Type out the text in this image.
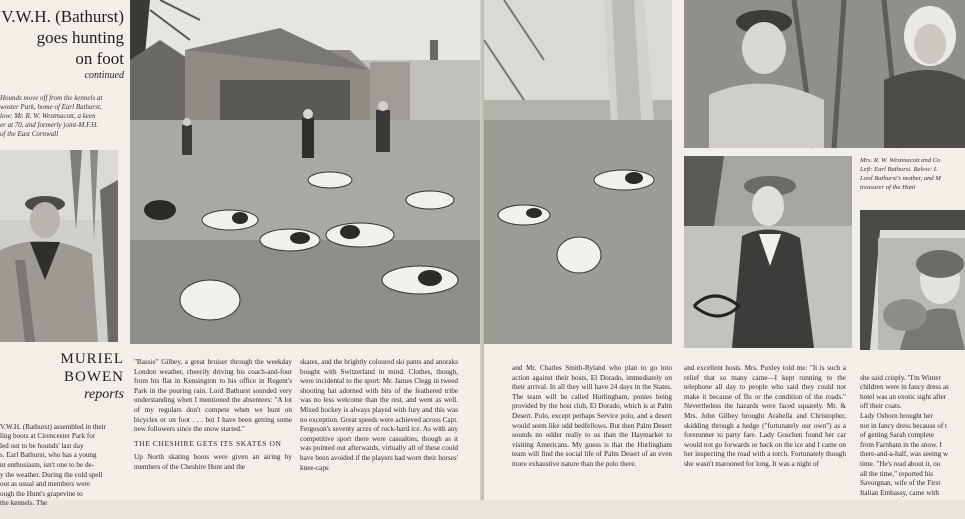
V.W.H. (Bathurst)
goes hunting
on foot
continued
Hounds move off from the kennels at
woster Park, home of Earl Bathurst,
low: Mr. R. W. Westmacott, a keen
er at 70, and formerly joint-M.F.H.
of the East Cornwall
MURIEL
BOWEN
reports

V.W.H. (Bathurst) assembled in their
ling boots at Cirencester Park for
led out to be hounds' last day
s. Earl Bathurst, who has a young
nt enthusiasm, isn't one to be de-
y the weather. During the cold spell
out as usual and members were
ough the Hunt's grapevine to
the kennels. The

"Bassie" Gilbey, a great bruiser through the weekday London weather, cheerily driving his coach-and-four from his flat in Kensington to his office in Regent's Park in the pouring rain. Lord Bathurst sounded very understanding when I mentioned the absentees: "A lot of my regulars don't compete when we hunt on bicycles or on foot . . . but I have been getting some new followers since the snow started."

THE CHESHIRE GETS ITS SKATES ON

Up North skating boots were given an airing by members of the Cheshire Hunt and the

skates, and the brightly coloured ski pants and anoraks bought with Switzerland in mind. Clothes, though, were incidental to the sport: Mr. James Clegg in tweed shooting hat adorned with bits of the feathered tribe was no less welcome than the rest, and went as well. Mixed hockey is always played with fury and this was no exception. Great speeds were achieved across Capt. Ferguson's seventy acres of rock-hard ice. As with any competitive sport there were casualties, though as it was pointed out afterwards, virtually all of these could have been avoided if the players had worn their horses' knee-caps

Mrs. R. W. Westmacott and Co
Left: Earl Bathurst. Below: L
Lord Bathurst's mother, and M
treasurer of the Hunt

and Mr. Charles Smith-Ryland who plan to go into action against their hosts, El Dorado, immediately on their arrival. In all they will have 24 days in the States. The team will be called Hurlingham, ponies being provided by the host club, El Dorado, which is at Palm Desert. Polo, except perhaps Service polo, and a desert would seem like odd bedfellows. But then Palm Desert sounds no odder really to us than the Haymarket to visiting Americans. My guess is that the Hurlingham team will find the social life of Palm Desert of an even more exhaustive nature than the polo there.

and excellent hosts. Mrs. Puxley told me: "It is such a relief that so many came—I kept running to the telephone all day to people who said they could not make it because of flu or the condition of the roads." Nevertheless the hazards were faced squarely. Mr. & Mrs. John Gilbey brought Arabella and Christopher, skidding through a hedge ("fortunately our own") as a forerunner to party fare. Lady Goschen found her car would not go forwards or back on the ice and I came on her inspecting the road with a torch. Fortunately though she wasn't marooned for long. It was a night of

she said crisply. "I'm Winter
children were in fancy dress as
hotel was an exotic sight after
off their coats.
Lady Osborn brought her
not in fancy dress because of t
of getting Sarah complete
from Farnham in the snow. I
there-and-a-half, was seeing w
time. "He's read about it, ou
all the time," reported his
Savorgnan, wife of the First
Italian Embassy, came with
